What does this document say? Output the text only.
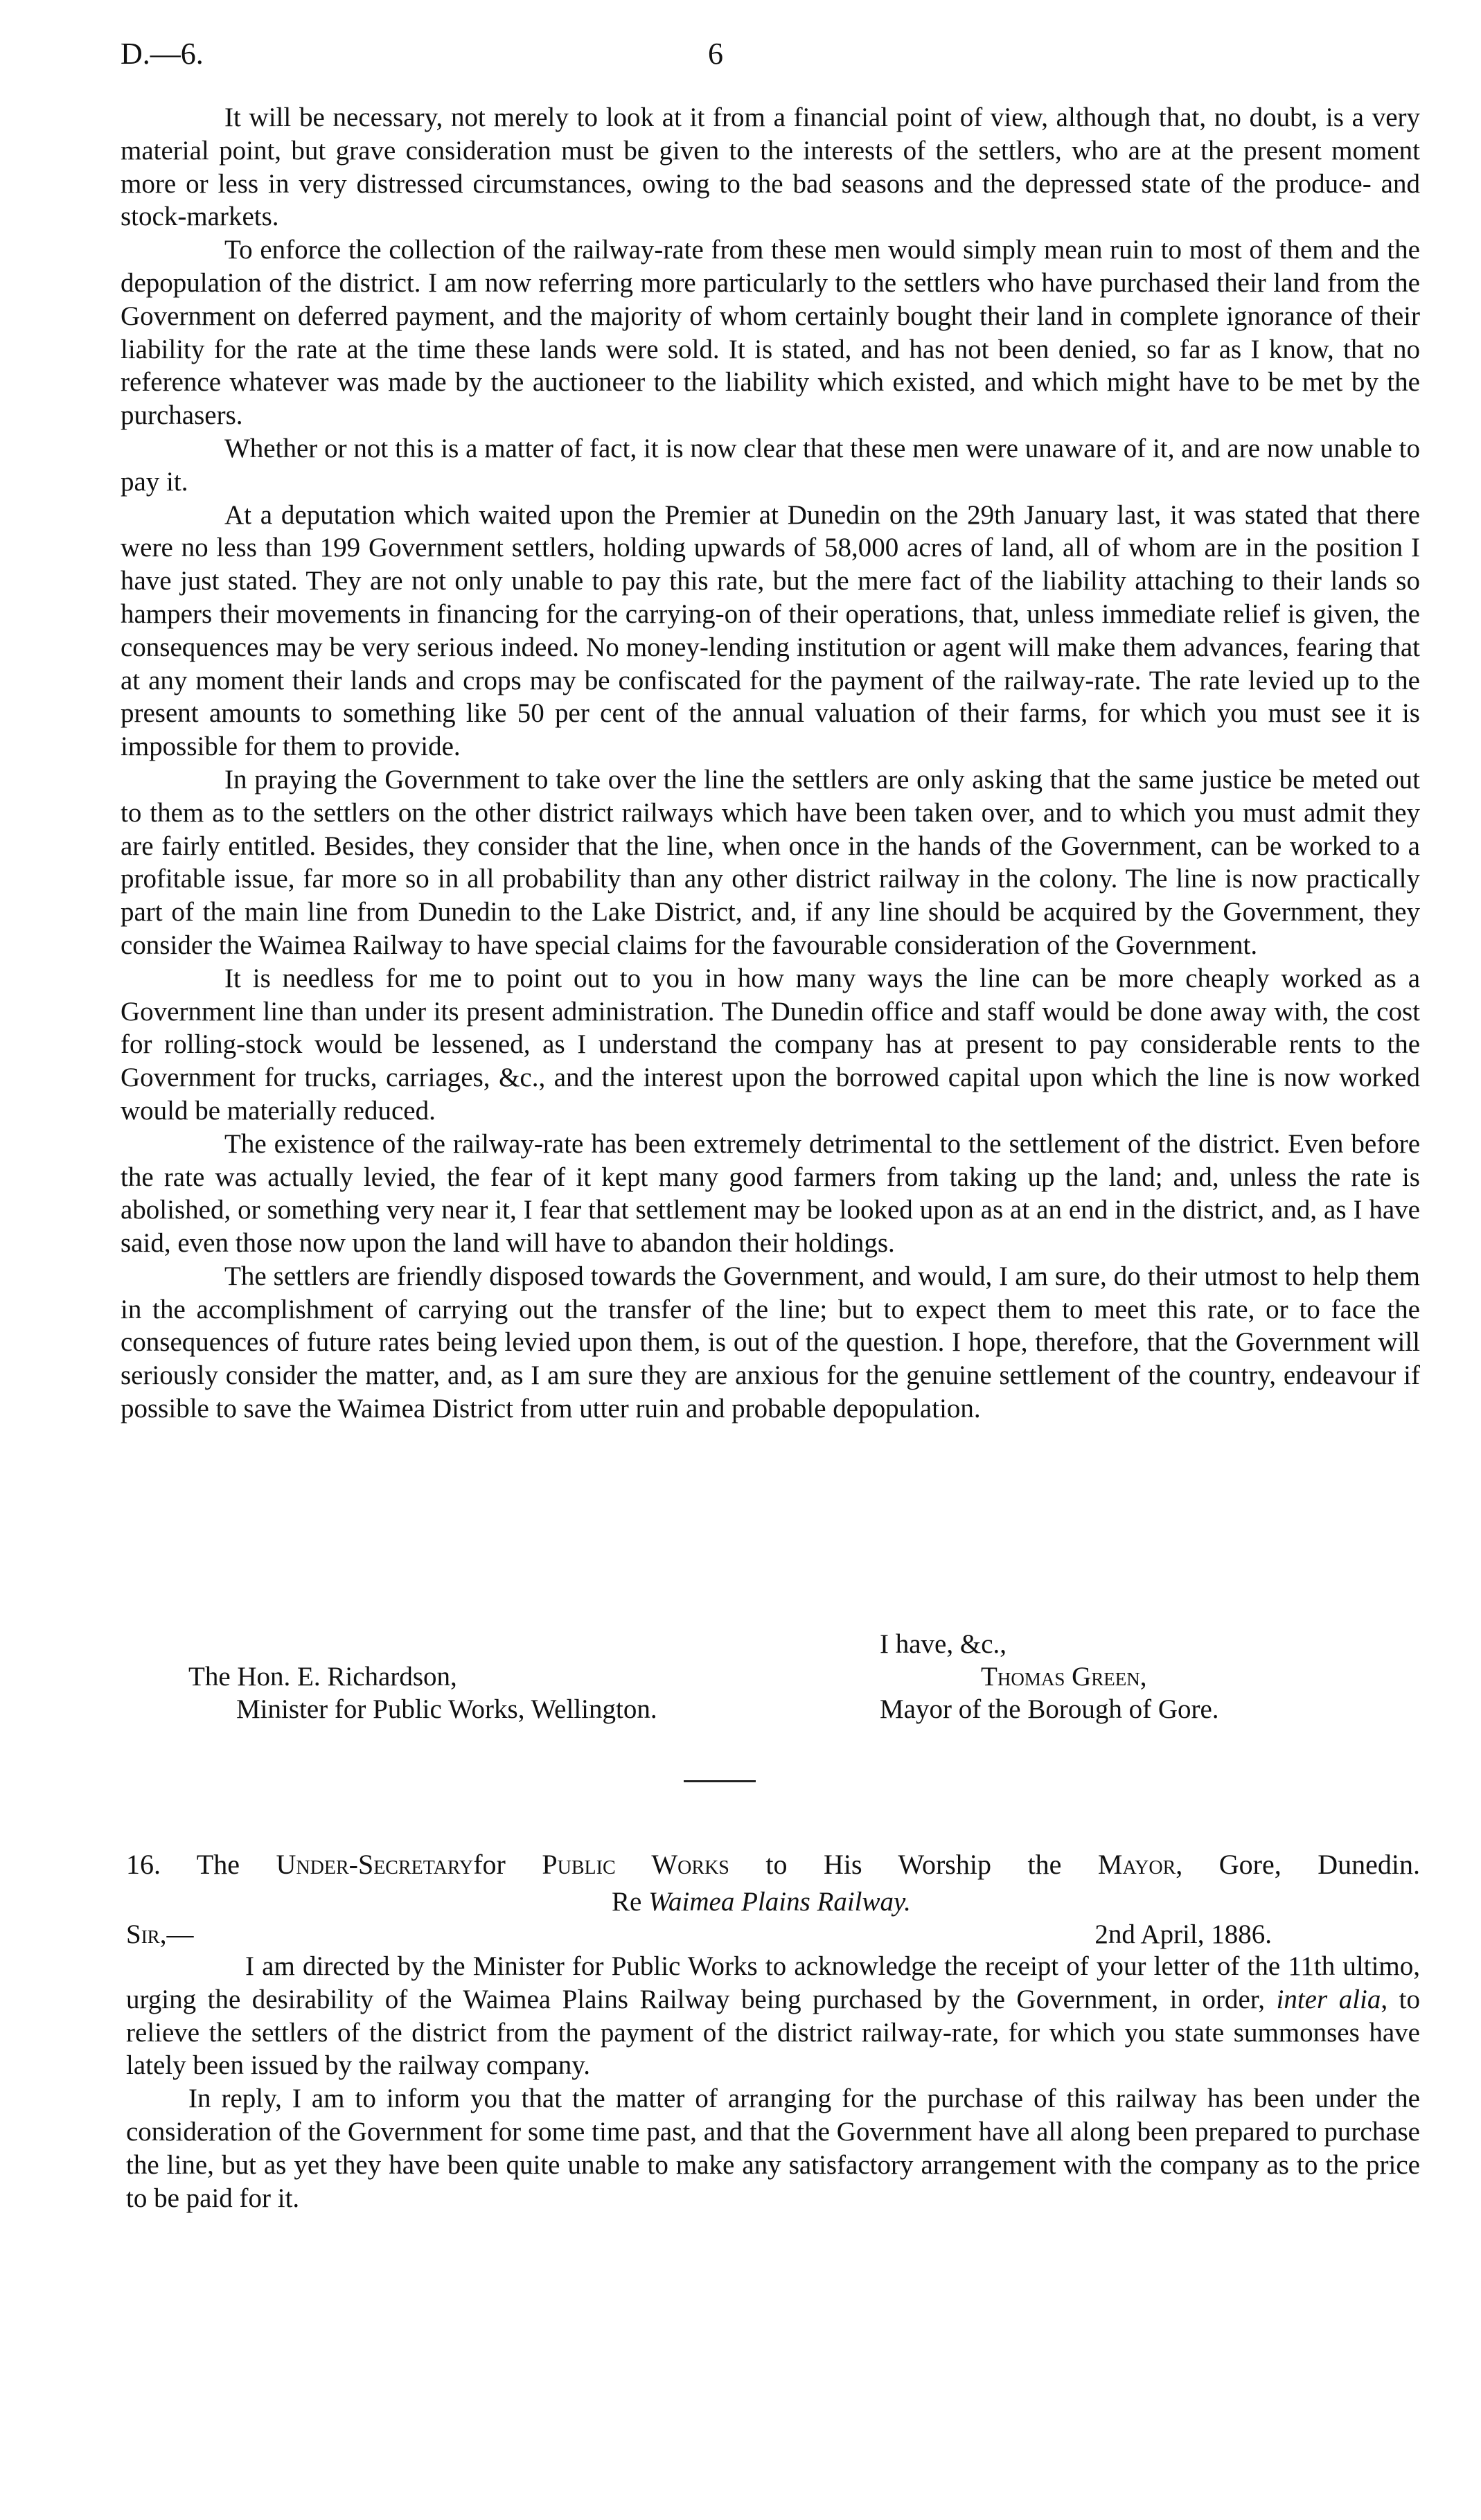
D.—6.	6

It will be necessary, not merely to look at it from a financial point of view, although that, no doubt, is a very material point, but grave consideration must be given to the interests of the settlers, who are at the present moment more or less in very distressed circumstances, owing to the bad seasons and the depressed state of the produce- and stock-markets.

To enforce the collection of the railway-rate from these men would simply mean ruin to most of them and the depopulation of the district. I am now referring more particularly to the settlers who have purchased their land from the Government on deferred payment, and the majority of whom certainly bought their land in complete ignorance of their liability for the rate at the time these lands were sold. It is stated, and has not been denied, so far as I know, that no reference whatever was made by the auctioneer to the liability which existed, and which might have to be met by the purchasers.

Whether or not this is a matter of fact, it is now clear that these men were unaware of it, and are now unable to pay it.

At a deputation which waited upon the Premier at Dunedin on the 29th January last, it was stated that there were no less than 199 Government settlers, holding upwards of 58,000 acres of land, all of whom are in the position I have just stated. They are not only unable to pay this rate, but the mere fact of the liability attaching to their lands so hampers their movements in financing for the carrying-on of their operations, that, unless immediate relief is given, the consequences may be very serious indeed. No money-lending institution or agent will make them advances, fearing that at any moment their lands and crops may be confiscated for the payment of the railway-rate. The rate levied up to the present amounts to something like 50 per cent of the annual valuation of their farms, for which you must see it is impossible for them to provide.

In praying the Government to take over the line the settlers are only asking that the same justice be meted out to them as to the settlers on the other district railways which have been taken over, and to which you must admit they are fairly entitled. Besides, they consider that the line, when once in the hands of the Government, can be worked to a profitable issue, far more so in all probability than any other district railway in the colony. The line is now practically part of the main line from Dunedin to the Lake District, and, if any line should be acquired by the Government, they consider the Waimea Railway to have special claims for the favourable consideration of the Government.

It is needless for me to point out to you in how many ways the line can be more cheaply worked as a Government line than under its present administration. The Dunedin office and staff would be done away with, the cost for rolling-stock would be lessened, as I understand the company has at present to pay considerable rents to the Government for trucks, carriages, &c., and the interest upon the borrowed capital upon which the line is now worked would be materially reduced.

The existence of the railway-rate has been extremely detrimental to the settlement of the district. Even before the rate was actually levied, the fear of it kept many good farmers from taking up the land; and, unless the rate is abolished, or something very near it, I fear that settlement may be looked upon as at an end in the district, and, as I have said, even those now upon the land will have to abandon their holdings.

The settlers are friendly disposed towards the Government, and would, I am sure, do their utmost to help them in the accomplishment of carrying out the transfer of the line; but to expect them to meet this rate, or to face the consequences of future rates being levied upon them, is out of the question. I hope, therefore, that the Government will seriously consider the matter, and, as I am sure they are anxious for the genuine settlement of the country, endeavour if possible to save the Waimea District from utter ruin and probable depopulation.

I have, &c.,
The Hon. E. Richardson,
Minister for Public Works, Wellington.
Thomas Green,
Mayor of the Borough of Gore.
16. The Under-Secretaryfor Public Works to His Worship the Mayor, Gore, Dunedin.
Re Waimea Plains Railway.
Sir,—	2nd April, 1886.

I am directed by the Minister for Public Works to acknowledge the receipt of your letter of the 11th ultimo, urging the desirability of the Waimea Plains Railway being purchased by the Government, in order, inter alia, to relieve the settlers of the district from the payment of the district railway-rate, for which you state summonses have lately been issued by the railway company.

In reply, I am to inform you that the matter of arranging for the purchase of this railway has been under the consideration of the Government for some time past, and that the Government have all along been prepared to purchase the line, but as yet they have been quite unable to make any satisfactory arrangement with the company as to the price to be paid for it.
